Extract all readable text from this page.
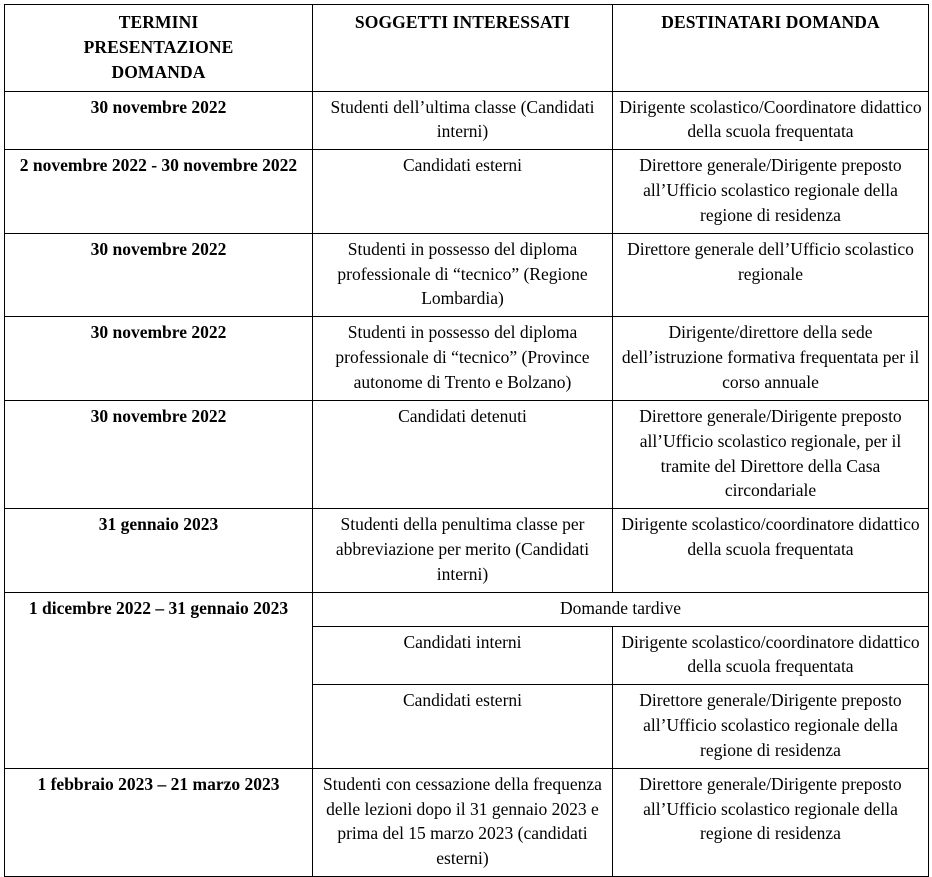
TERMINI
PRESENTAZIONE
DOMANDA	SOGGETTI INTERESSATI	DESTINATARI DOMANDA
30 novembre 2022	Studenti dell’ultima classe (Candidati interni)	Dirigente scolastico/Coordinatore didattico della scuola frequentata
2 novembre 2022 - 30 novembre 2022	Candidati esterni	Direttore generale/Dirigente preposto all’Ufficio scolastico regionale della regione di residenza
30 novembre 2022	Studenti in possesso del diploma professionale di “tecnico” (Regione Lombardia)	Direttore generale dell’Ufficio scolastico regionale
30 novembre 2022	Studenti in possesso del diploma professionale di “tecnico” (Province autonome di Trento e Bolzano)	Dirigente/direttore della sede dell’istruzione formativa frequentata per il corso annuale
30 novembre 2022	Candidati detenuti	Direttore generale/Dirigente preposto all’Ufficio scolastico regionale, per il tramite del Direttore della Casa circondariale
31 gennaio 2023	Studenti della penultima classe per abbreviazione per merito (Candidati interni)	Dirigente scolastico/coordinatore didattico della scuola frequentata
1 dicembre 2022 – 31 gennaio 2023	Domande tardive	
	Candidati interni	Dirigente scolastico/coordinatore didattico della scuola frequentata
	Candidati esterni	Direttore generale/Dirigente preposto all’Ufficio scolastico regionale della regione di residenza
1 febbraio 2023 – 21 marzo 2023	Studenti con cessazione della frequenza delle lezioni dopo il 31 gennaio 2023 e prima del 15 marzo 2023 (candidati esterni)	Direttore generale/Dirigente preposto all’Ufficio scolastico regionale della regione di residenza
